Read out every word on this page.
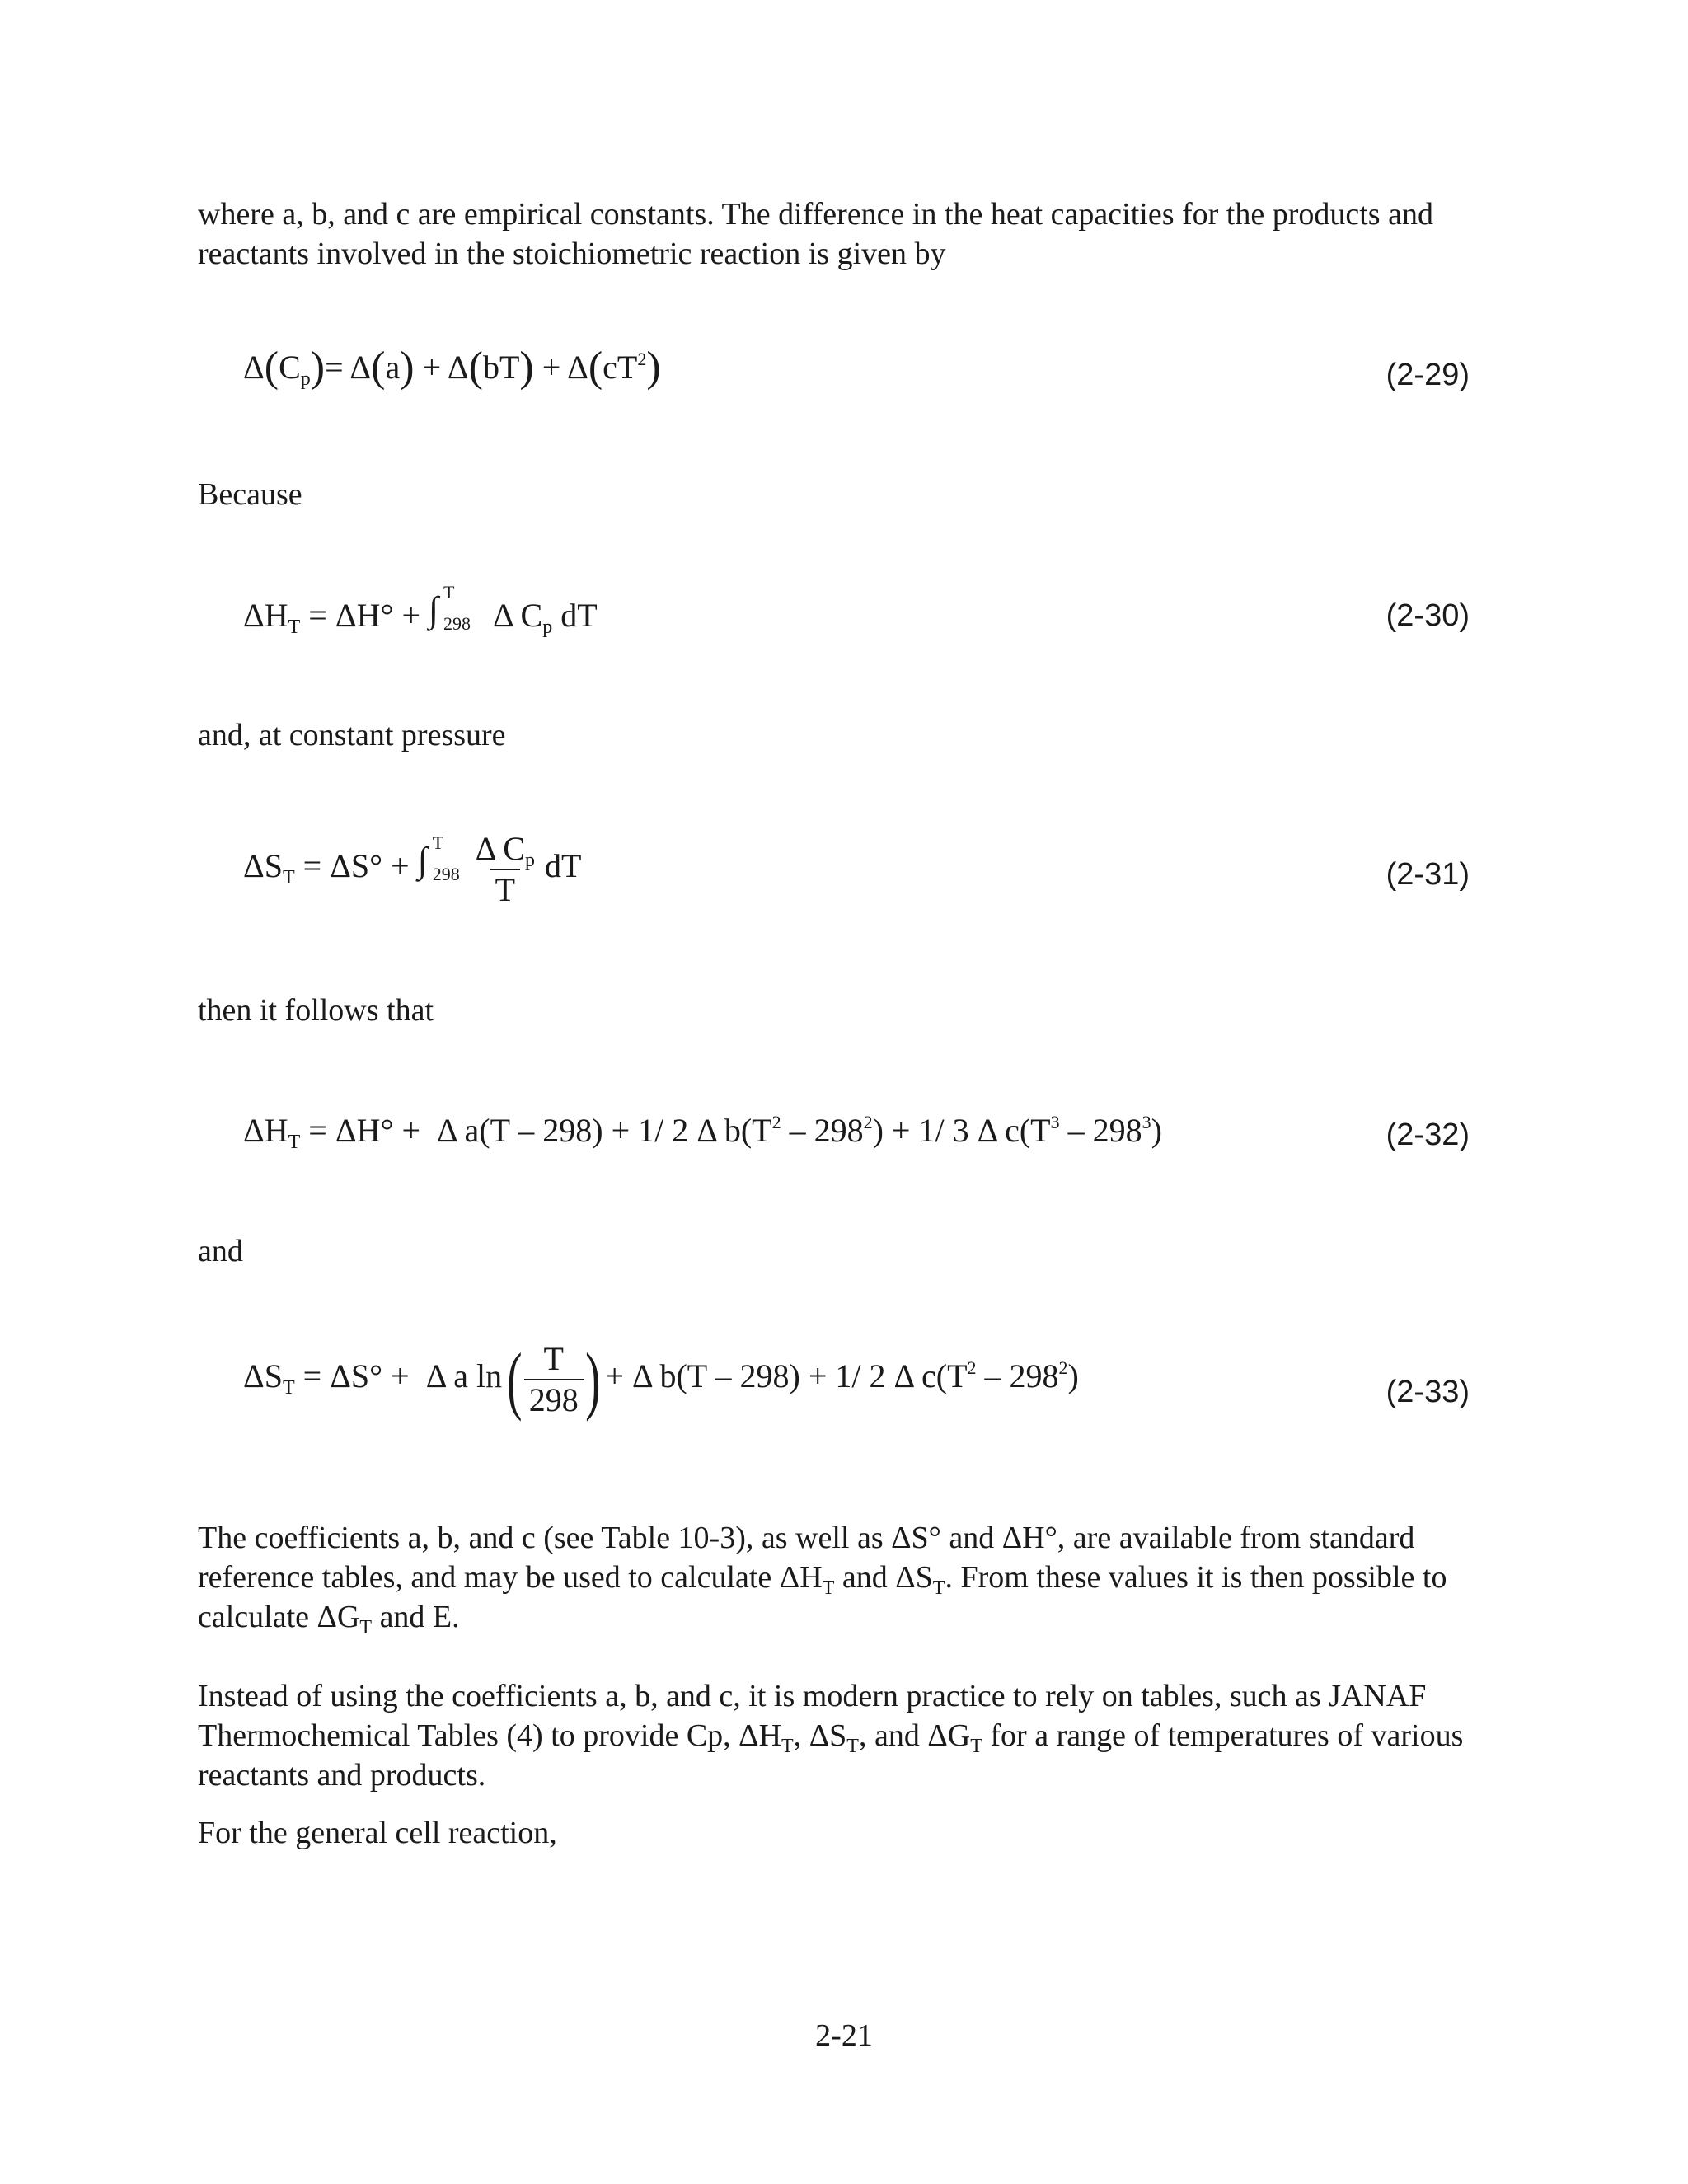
where a, b, and c are empirical constants. The difference in the heat capacities for the products and reactants involved in the stoichiometric reaction is given by

$\Delta(C_p)= \Delta(a) + \Delta(bT) + \Delta(cT^2)$	(2-29)

Because

$\Delta H_T = \Delta H^\circ$ + ∫ T
298 Δ $C_p$ dT	(2-30)

and, at constant pressure

$\Delta S_T = \Delta S^\circ$ + ∫ T
$298 \frac{\Delta C_p}{T}$ dT	(2-31)

then it follows that

$\Delta H_T = \Delta H^\circ + \Delta$ a(T – 298) + 1/ 2 Δ $b(T^2 - 298^2) + 1/$ 3 Δ $c(T^3 - 298^3)$	(2-32)

and

$\Delta S_T = \Delta S^\circ + \Delta$ a $\ln( \frac{T}{298}$ ) + Δ b(T – 298) + 1/ 2 Δ $c(T^2 - 298^2)$	(2-33)

The coefficients a, b, and c (see Table 10-3), as well as ΔS° and ΔH°, are available from standard reference tables, and may be used to calculate $\Delta H_T$ and $\Delta S_T$. From these values it is then possible to calculate $\Delta G_T$ and E.

Instead of using the coefficients a, b, and c, it is modern practice to rely on tables, such as JANAF Thermochemical Tables (4) to provide Cp, $\Delta H_T$, $\Delta S_T$, and $\Delta G_T$ for a range of temperatures of various reactants and products.

For the general cell reaction,

2-21
